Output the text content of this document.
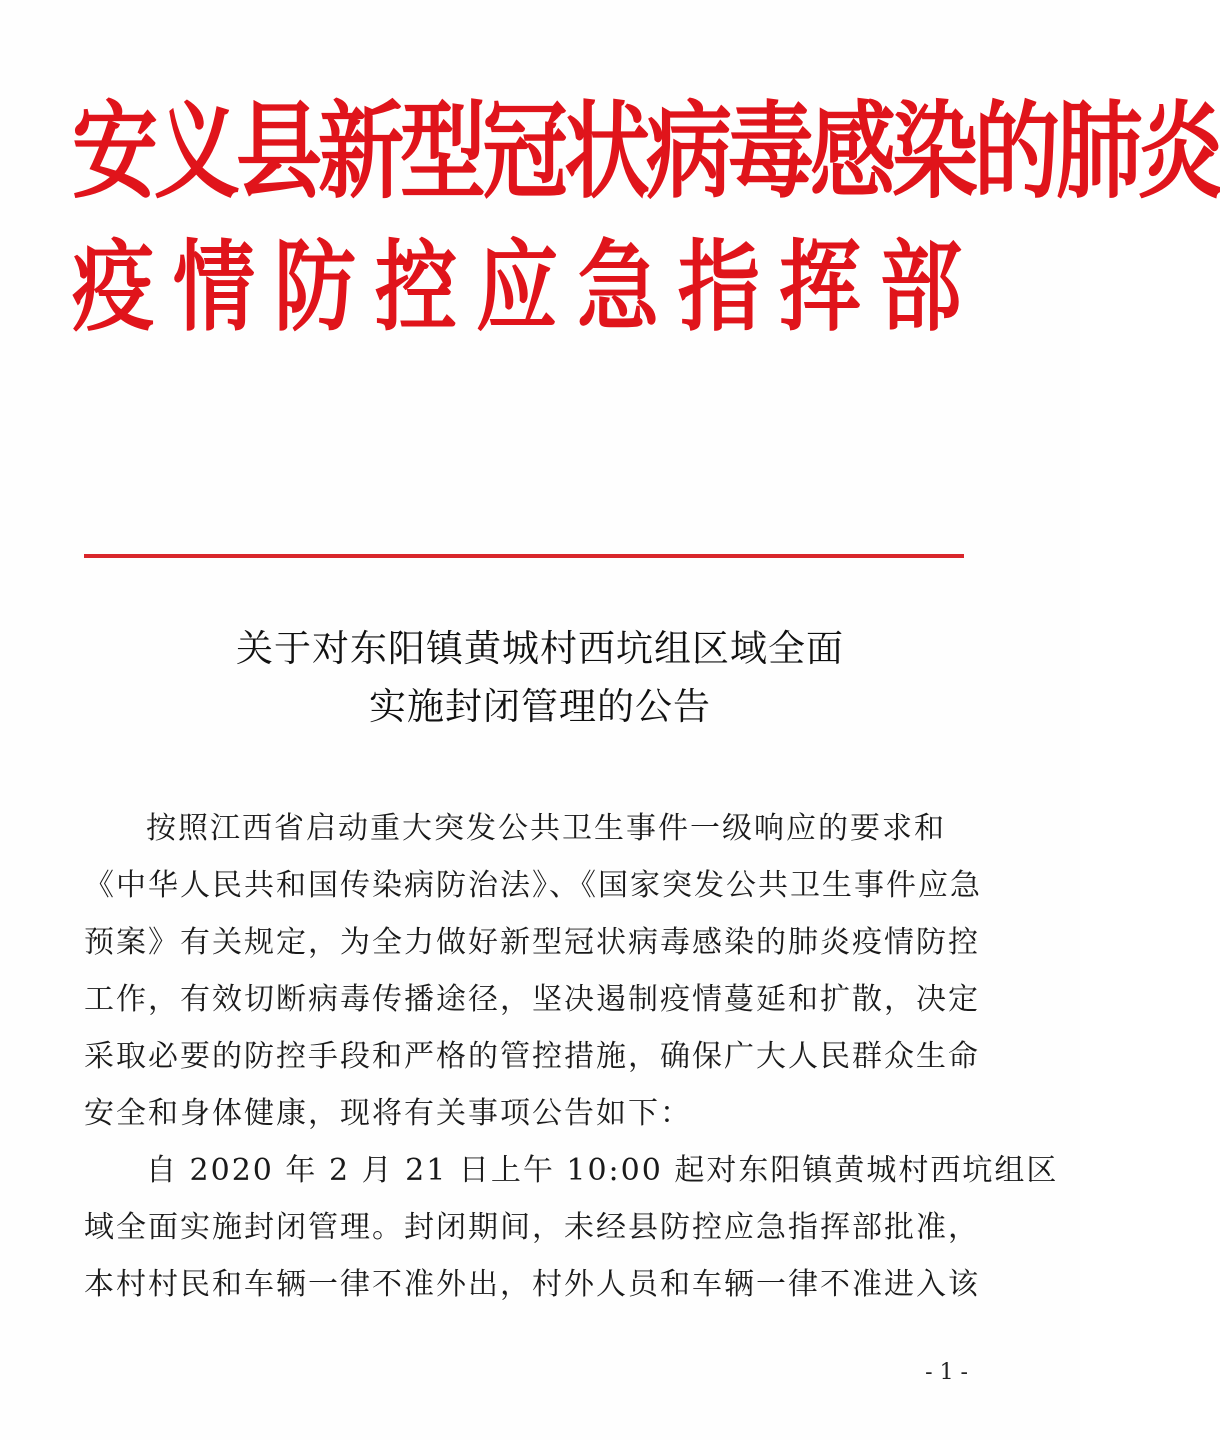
安义县新型冠状病毒感染的肺炎
疫情防控应急指挥部
关于对东阳镇黄城村西坑组区域全面
实施封闭管理的公告
按照江西省启动重大突发公共卫生事件一级响应的要求和
《中华人民共和国传染病防治法》、《国家突发公共卫生事件应急
预案》有关规定，为全力做好新型冠状病毒感染的肺炎疫情防控
工作，有效切断病毒传播途径，坚决遏制疫情蔓延和扩散，决定
采取必要的防控手段和严格的管控措施，确保广大人民群众生命
安全和身体健康，现将有关事项公告如下：
自 2020 年 2 月 21 日上午 10:00 起对东阳镇黄城村西坑组区
域全面实施封闭管理。封闭期间，未经县防控应急指挥部批准，
本村村民和车辆一律不准外出，村外人员和车辆一律不准进入该
- 1 -
